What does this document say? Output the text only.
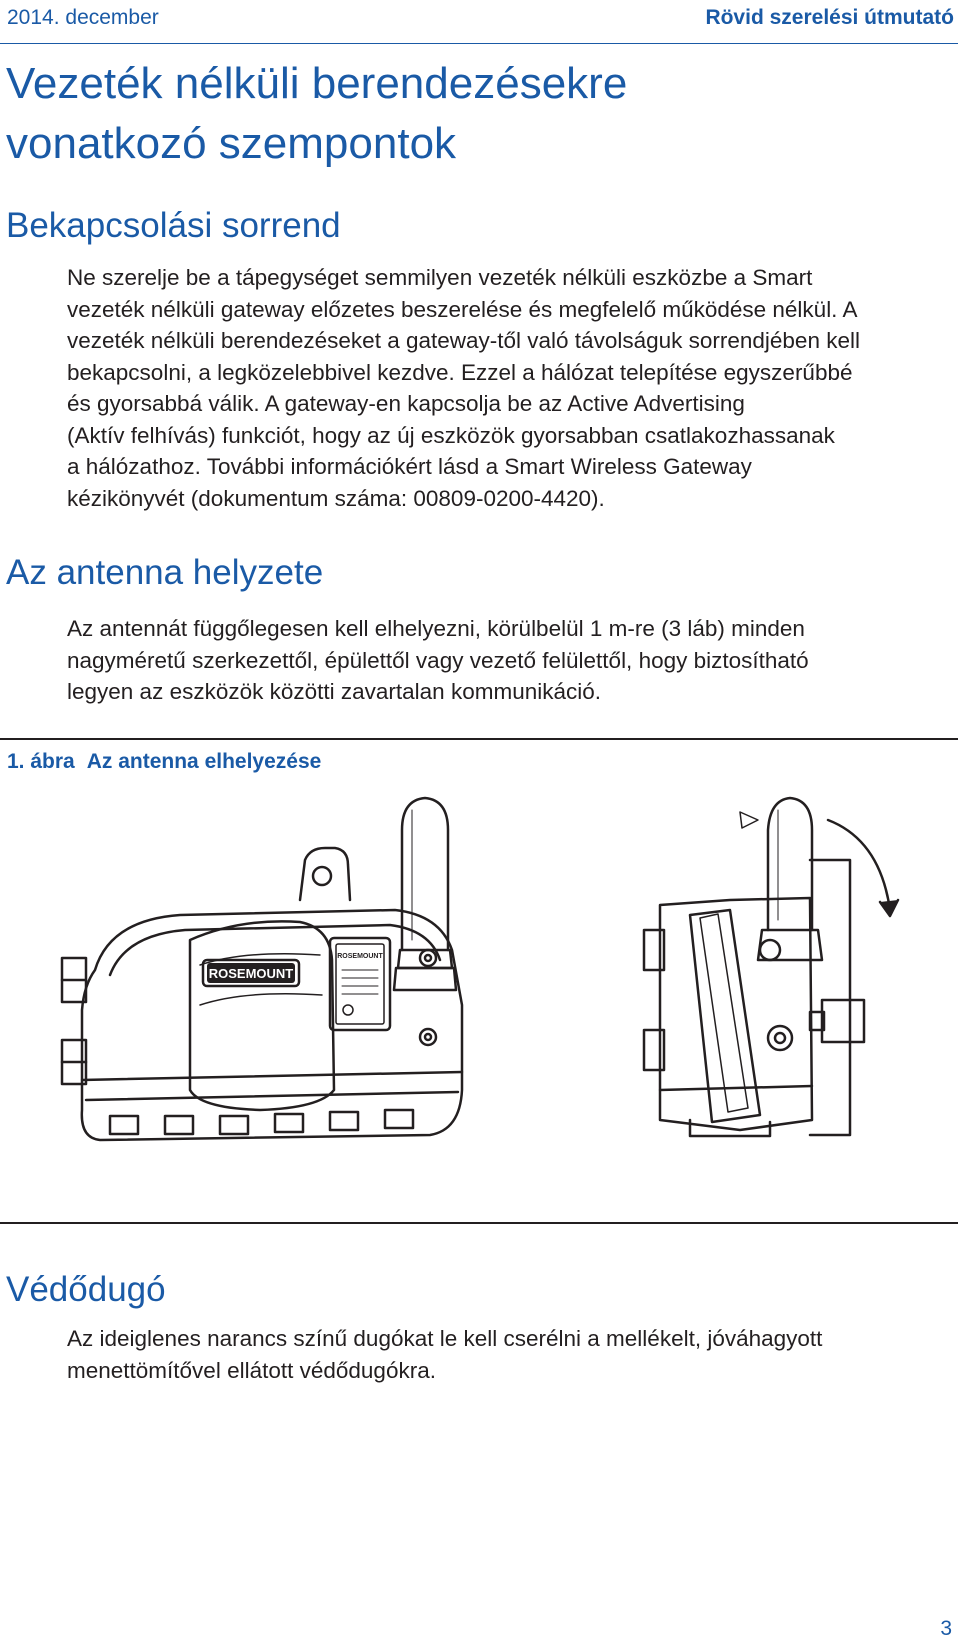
2014. december	Rövid szerelési útmutató
Vezeték nélküli berendezésekre
vonatkozó szempontok
Bekapcsolási sorrend
Ne szerelje be a tápegységet semmilyen vezeték nélküli eszközbe a Smart
vezeték nélküli gateway előzetes beszerelése és megfelelő működése nélkül. A
vezeték nélküli berendezéseket a gateway-től való távolságuk sorrendjében kell
bekapcsolni, a legközelebbivel kezdve. Ezzel a hálózat telepítése egyszerűbbé
és gyorsabbá válik. A gateway-en kapcsolja be az Active Advertising
(Aktív felhívás) funkciót, hogy az új eszközök gyorsabban csatlakozhassanak
a hálózathoz. További információkért lásd a Smart Wireless Gateway
kézikönyvét (dokumentum száma: 00809-0200-4420).
Az antenna helyzete
Az antennát függőlegesen kell elhelyezni, körülbelül 1 m-re (3 láb) minden
nagyméretű szerkezettől, épülettől vagy vezető felülettől, hogy biztosítható
legyen az eszközök közötti zavartalan kommunikáció.
1. ábra Az antenna elhelyezése
ROSEMOUNT
ROSEMOUNT
Védődugó
Az ideiglenes narancs színű dugókat le kell cserélni a mellékelt, jóváhagyott
menettömítővel ellátott védődugókra.
3
